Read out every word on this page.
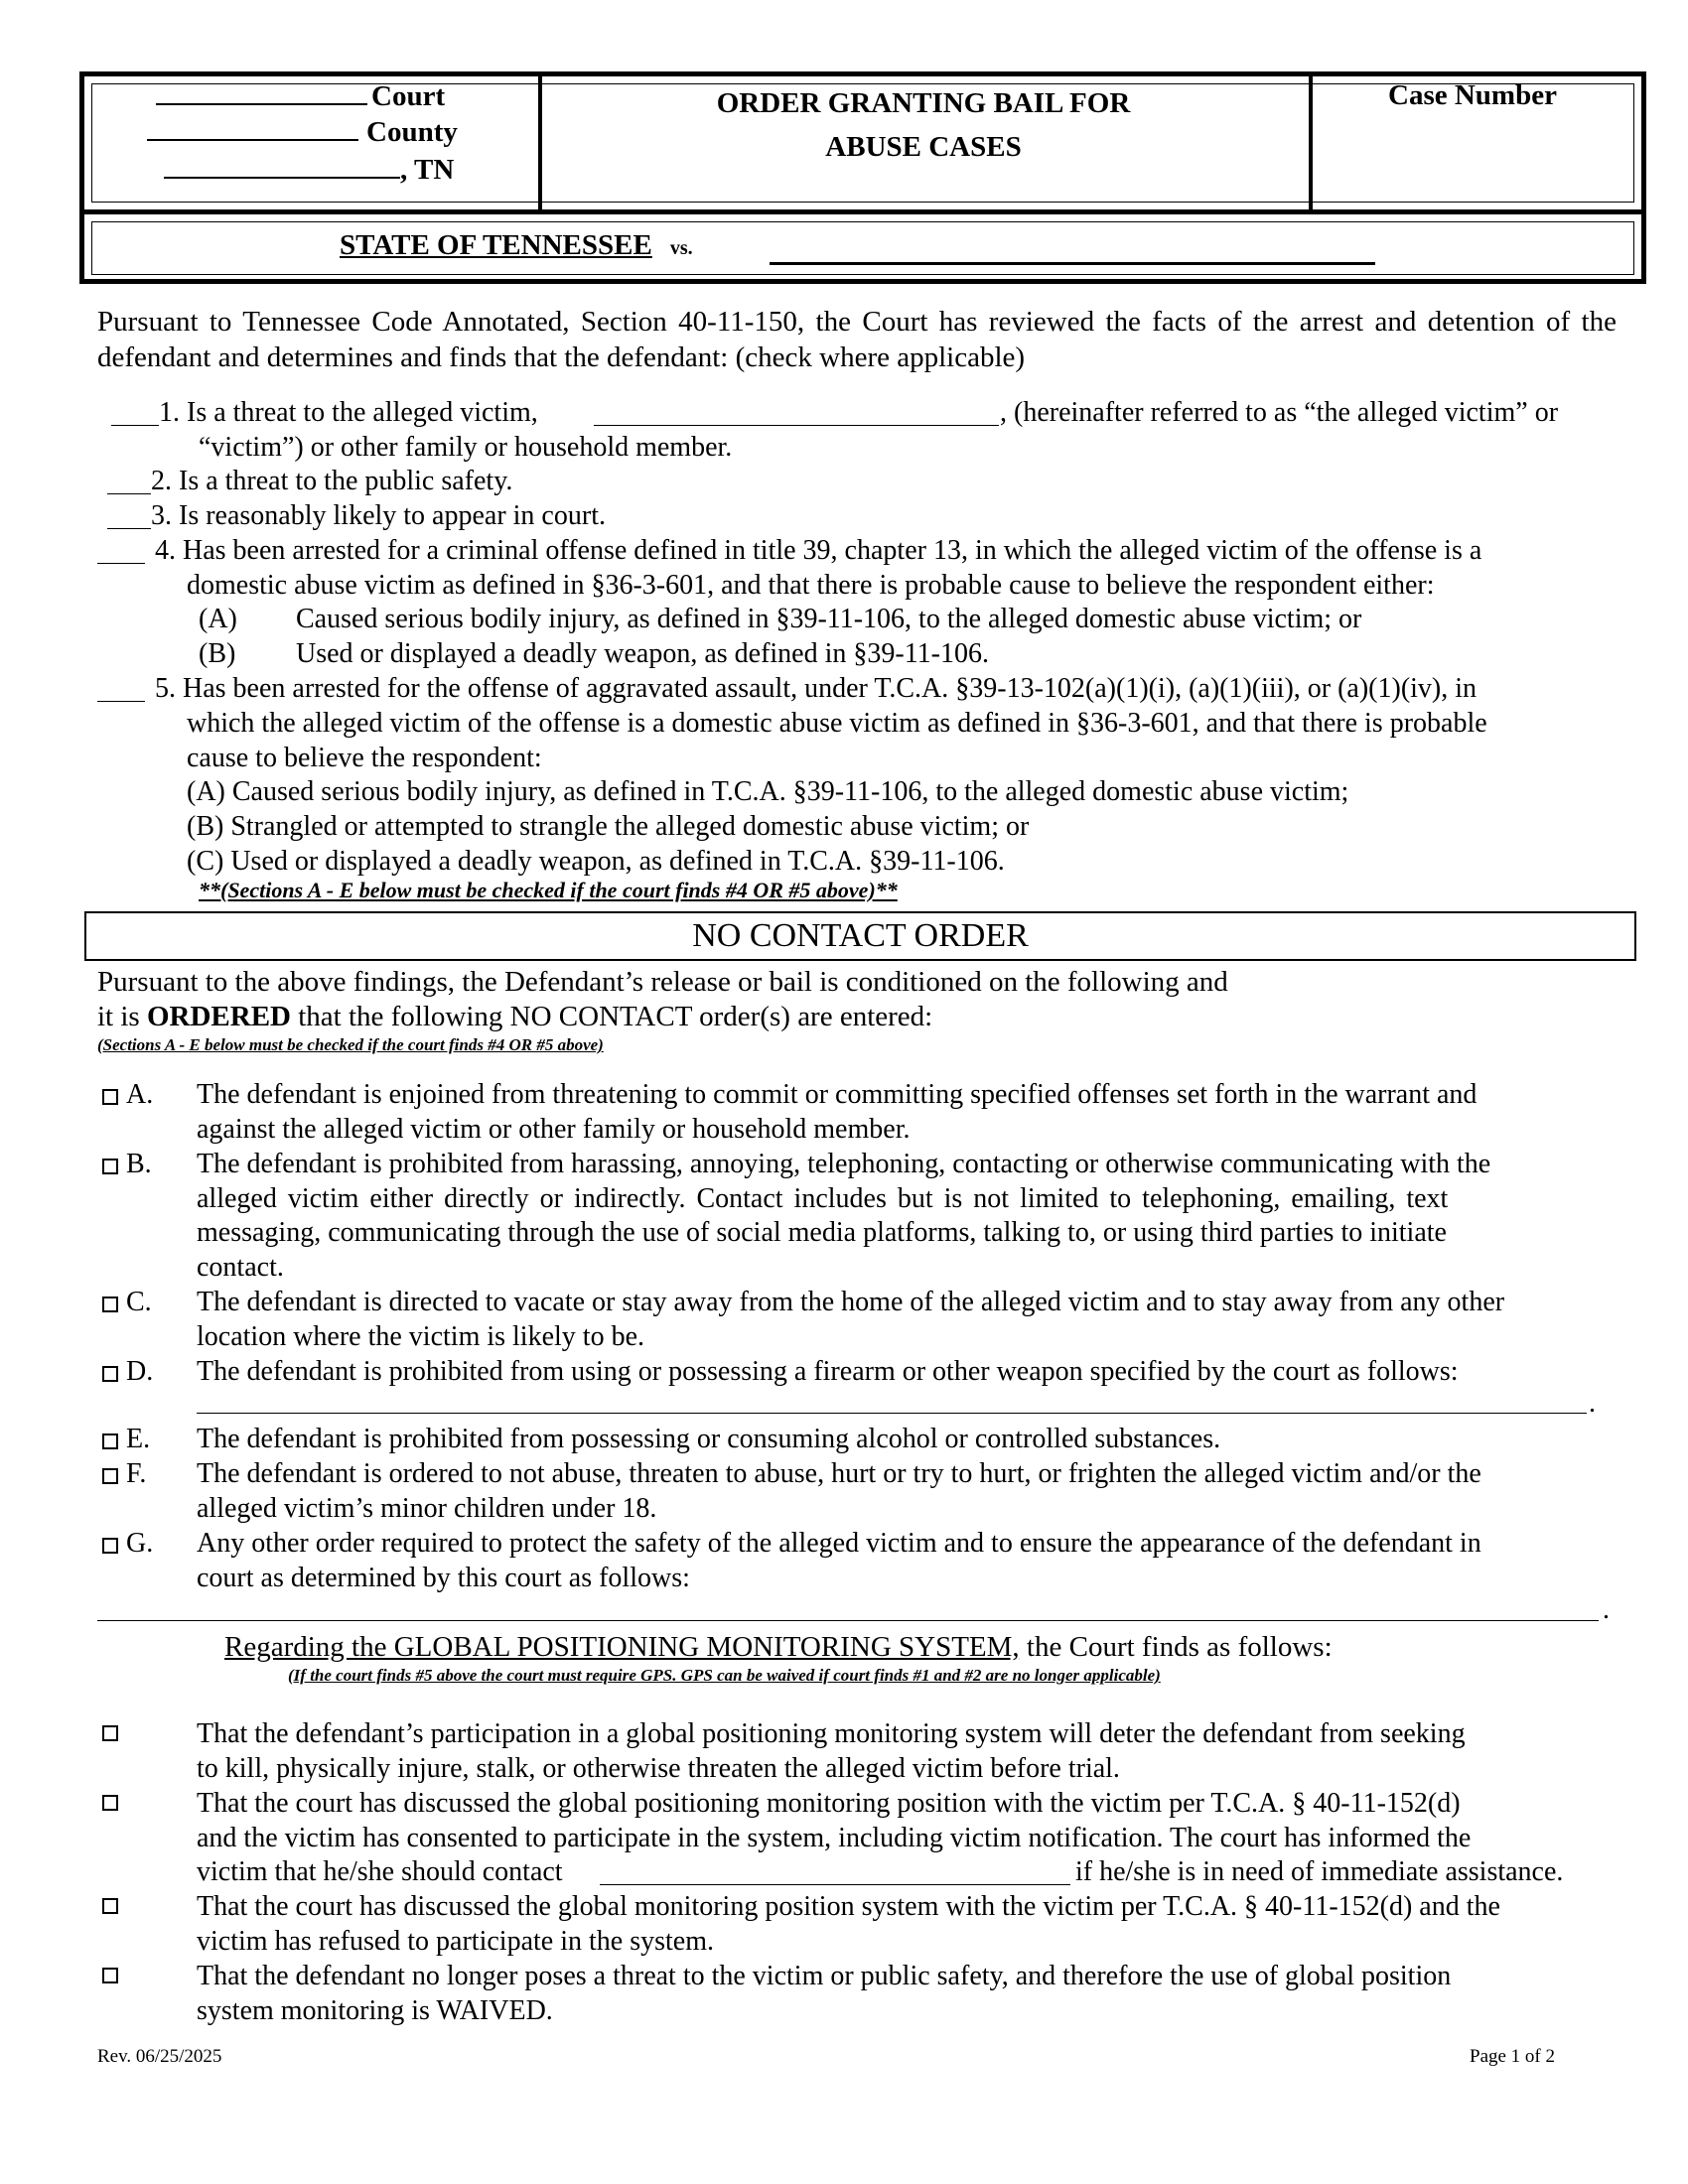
Court
County
, TN
ORDER GRANTING BAIL FOR
ABUSE CASES
Case Number
STATE OF TENNESSEE vs.
Pursuant to Tennessee Code Annotated, Section 40-11-150, the Court has reviewed the facts of the arrest and detention of the defendant and determines and finds that the defendant: (check where applicable)
1. Is a threat to the alleged victim,	, (hereinafter referred to as “the alleged victim” or
“victim”) or other family or household member.
2. Is a threat to the public safety.
3. Is reasonably likely to appear in court.
4. Has been arrested for a criminal offense defined in title 39, chapter 13, in which the alleged victim of the offense is a
domestic abuse victim as defined in §36-3-601, and that there is probable cause to believe the respondent either:
(A) Caused serious bodily injury, as defined in §39-11-106, to the alleged domestic abuse victim; or
(B) Used or displayed a deadly weapon, as defined in §39-11-106.
5. Has been arrested for the offense of aggravated assault, under T.C.A. §39-13-102(a)(1)(i), (a)(1)(iii), or (a)(1)(iv), in
which the alleged victim of the offense is a domestic abuse victim as defined in §36-3-601, and that there is probable
cause to believe the respondent:
(A) Caused serious bodily injury, as defined in T.C.A. §39-11-106, to the alleged domestic abuse victim;
(B) Strangled or attempted to strangle the alleged domestic abuse victim; or
(C) Used or displayed a deadly weapon, as defined in T.C.A. §39-11-106.
**(Sections A - E below must be checked if the court finds #4 OR #5 above)**
NO CONTACT ORDER
Pursuant to the above findings, the Defendant’s release or bail is conditioned on the following and
it is ORDERED that the following NO CONTACT order(s) are entered:
(Sections A - E below must be checked if the court finds #4 OR #5 above)
A. The defendant is enjoined from threatening to commit or committing specified offenses set forth in the warrant and
against the alleged victim or other family or household member.
B. The defendant is prohibited from harassing, annoying, telephoning, contacting or otherwise communicating with the
alleged victim either directly or indirectly. Contact includes but is not limited to telephoning, emailing, text
messaging, communicating through the use of social media platforms, talking to, or using third parties to initiate
contact.
C. The defendant is directed to vacate or stay away from the home of the alleged victim and to stay away from any other
location where the victim is likely to be.
D. The defendant is prohibited from using or possessing a firearm or other weapon specified by the court as follows:
.
E. The defendant is prohibited from possessing or consuming alcohol or controlled substances.
F. The defendant is ordered to not abuse, threaten to abuse, hurt or try to hurt, or frighten the alleged victim and/or the
alleged victim’s minor children under 18.
G. Any other order required to protect the safety of the alleged victim and to ensure the appearance of the defendant in
court as determined by this court as follows:
.
Regarding the GLOBAL POSITIONING MONITORING SYSTEM, the Court finds as follows:
(If the court finds #5 above the court must require GPS. GPS can be waived if court finds #1 and #2 are no longer applicable)
That the defendant’s participation in a global positioning monitoring system will deter the defendant from seeking
to kill, physically injure, stalk, or otherwise threaten the alleged victim before trial.
That the court has discussed the global positioning monitoring position with the victim per T.C.A. § 40-11-152(d)
and the victim has consented to participate in the system, including victim notification. The court has informed the
victim that he/she should contact	if he/she is in need of immediate assistance.
That the court has discussed the global monitoring position system with the victim per T.C.A. § 40-11-152(d) and the
victim has refused to participate in the system.
That the defendant no longer poses a threat to the victim or public safety, and therefore the use of global position
system monitoring is WAIVED.
Rev. 06/25/2025	Page 1 of 2
